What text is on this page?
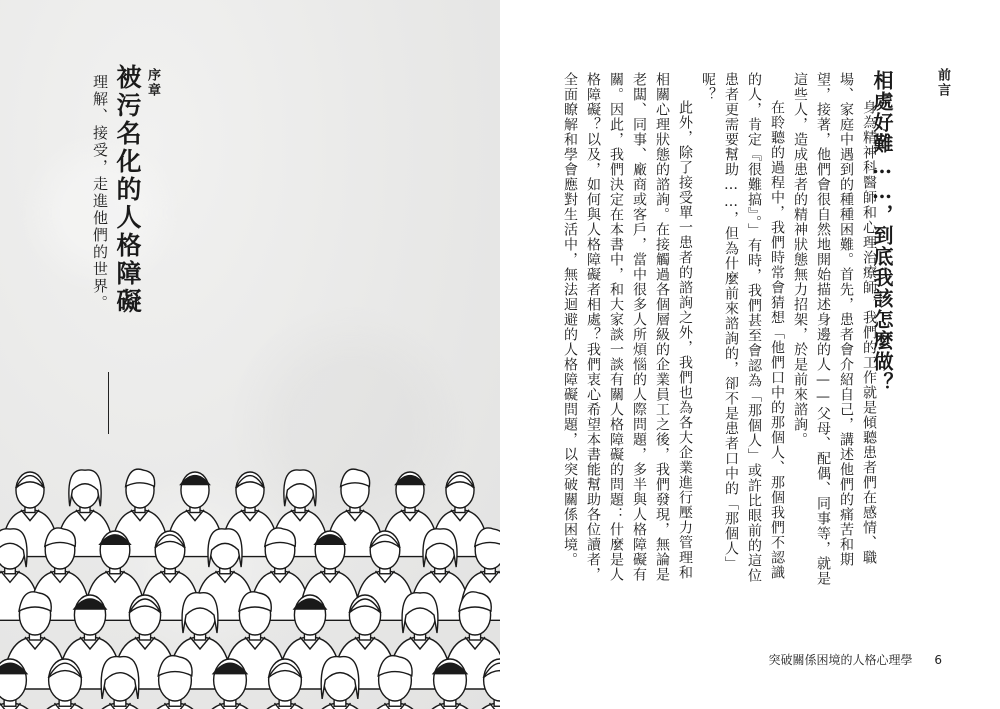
序章
被污名化的人格障礙
理解、接受，走進他們的世界。	前言
相處好難……，到底我該怎麼做？

身為精神科醫師和心理治療師，我們的工作就是傾聽患者們在感情、職場、家庭中遇到的種種困難。首先，患者會介紹自己，講述他們的痛苦和期望，接著，他們會很自然地開始描述身邊的人——父母、配偶、同事等，就是這些人，造成患者的精神狀態無力招架，於是前來諮詢。

在聆聽的過程中，我們時常會猜想「他們口中的那個人、那個我們不認識的人，肯定『很難搞』。」有時，我們甚至會認為「那個人」或許比眼前的這位患者更需要幫助……，但為什麼前來諮詢的，卻不是患者口中的「那個人」呢？

此外，除了接受單一患者的諮詢之外，我們也為各大企業進行壓力管理和相關心理狀態的諮詢。在接觸過各個層級的企業員工之後，我們發現，無論是老闆、同事、廠商或客戶，當中很多人所煩惱的人際問題，多半與人格障礙有關。因此，我們決定在本書中，和大家談一談有關人格障礙的問題：什麼是人格障礙？以及，如何與人格障礙者相處？我們衷心希望本書能幫助各位讀者，全面瞭解和學會應對生活中，無法迴避的人格障礙問題，以突破關係困境。

突破關係困境的人格心理學 6
